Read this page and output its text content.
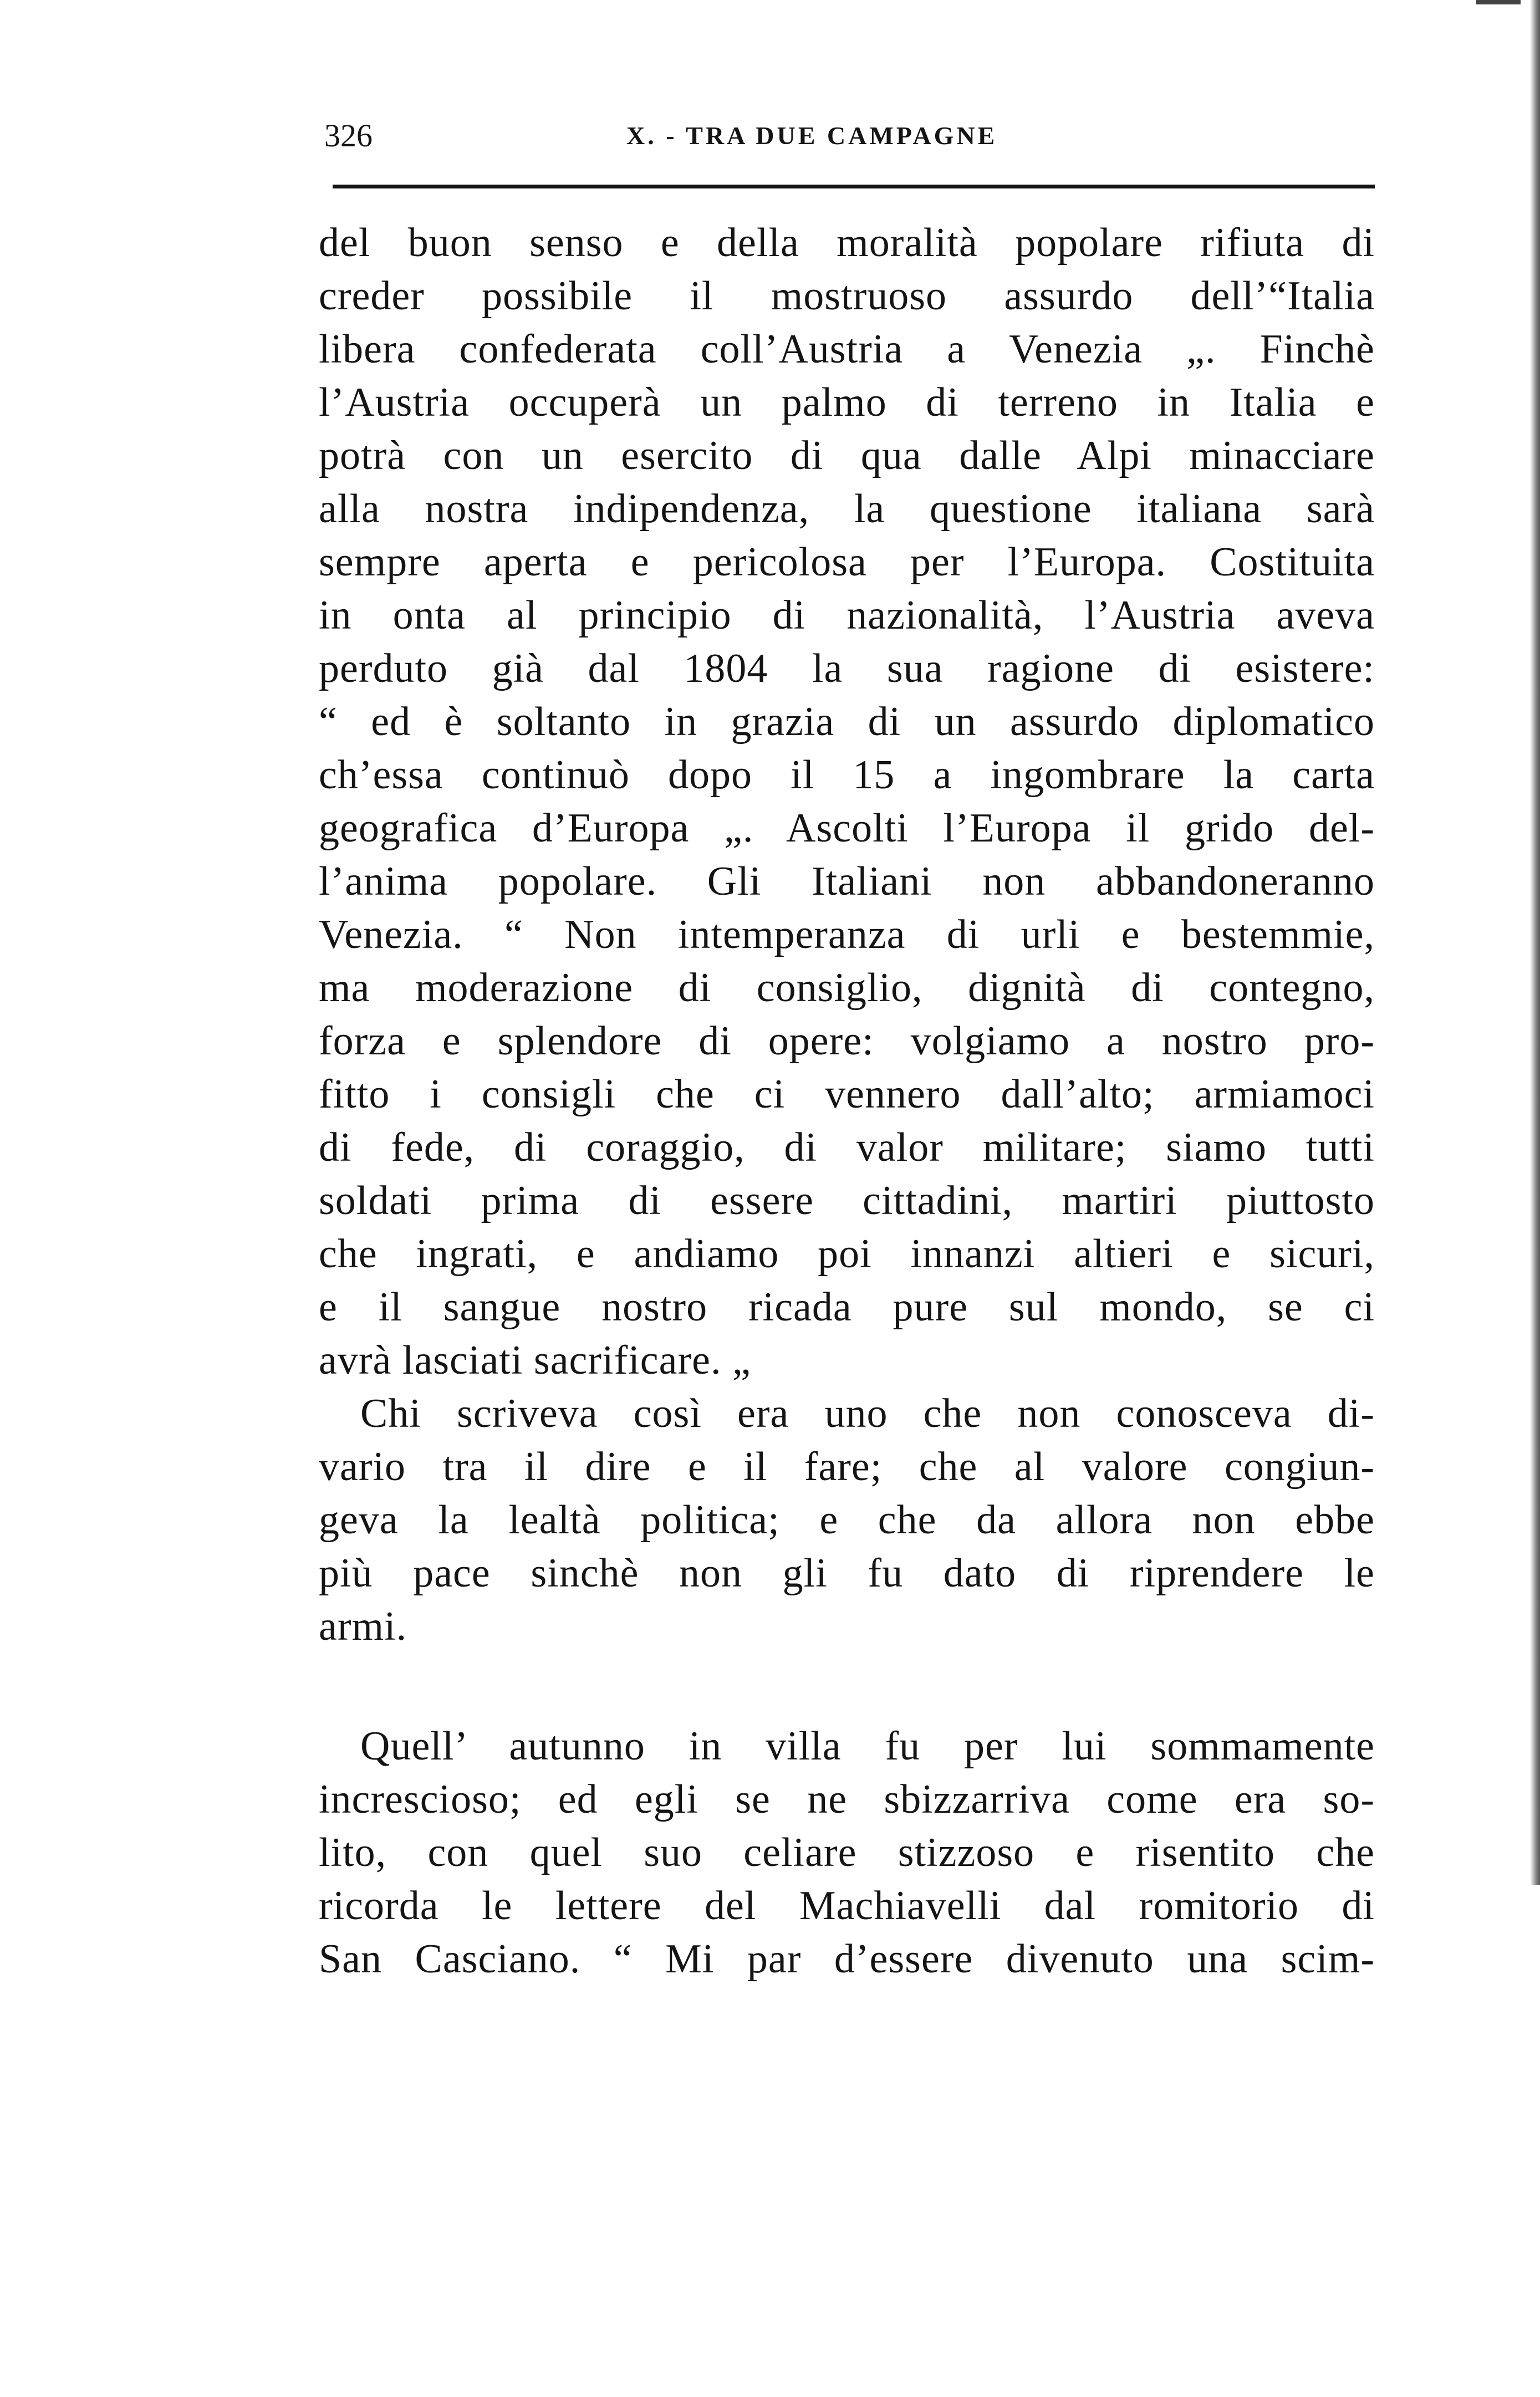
326	X. - TRA DUE CAMPAGNE
del buon senso e della moralità popolare rifiuta di
creder possibile il mostruoso assurdo dell’“Italia
libera confederata coll’Austria a Venezia „. Finchè
l’Austria occuperà un palmo di terreno in Italia e
potrà con un esercito di qua dalle Alpi minacciare
alla nostra indipendenza, la questione italiana sarà
sempre aperta e pericolosa per l’Europa. Costituita
in onta al principio di nazionalità, l’Austria aveva
perduto già dal 1804 la sua ragione di esistere:
“ ed è soltanto in grazia di un assurdo diplomatico
ch’essa continuò dopo il 15 a ingombrare la carta
geografica d’Europa „. Ascolti l’Europa il grido del-
l’anima popolare. Gli Italiani non abbandoneranno
Venezia. “ Non intemperanza di urli e bestemmie,
ma moderazione di consiglio, dignità di contegno,
forza e splendore di opere: volgiamo a nostro pro-
fitto i consigli che ci vennero dall’alto; armiamoci
di fede, di coraggio, di valor militare; siamo tutti
soldati prima di essere cittadini, martiri piuttosto
che ingrati, e andiamo poi innanzi altieri e sicuri,
e il sangue nostro ricada pure sul mondo, se ci
avrà lasciati sacrificare. „
Chi scriveva così era uno che non conosceva di-
vario tra il dire e il fare; che al valore congiun-
geva la lealtà politica; e che da allora non ebbe
più pace sinchè non gli fu dato di riprendere le
armi.
Quell’ autunno in villa fu per lui sommamente
increscioso; ed egli se ne sbizzarriva come era so-
lito, con quel suo celiare stizzoso e risentito che
ricorda le lettere del Machiavelli dal romitorio di
San Casciano. “ Mi par d’essere divenuto una scim-
